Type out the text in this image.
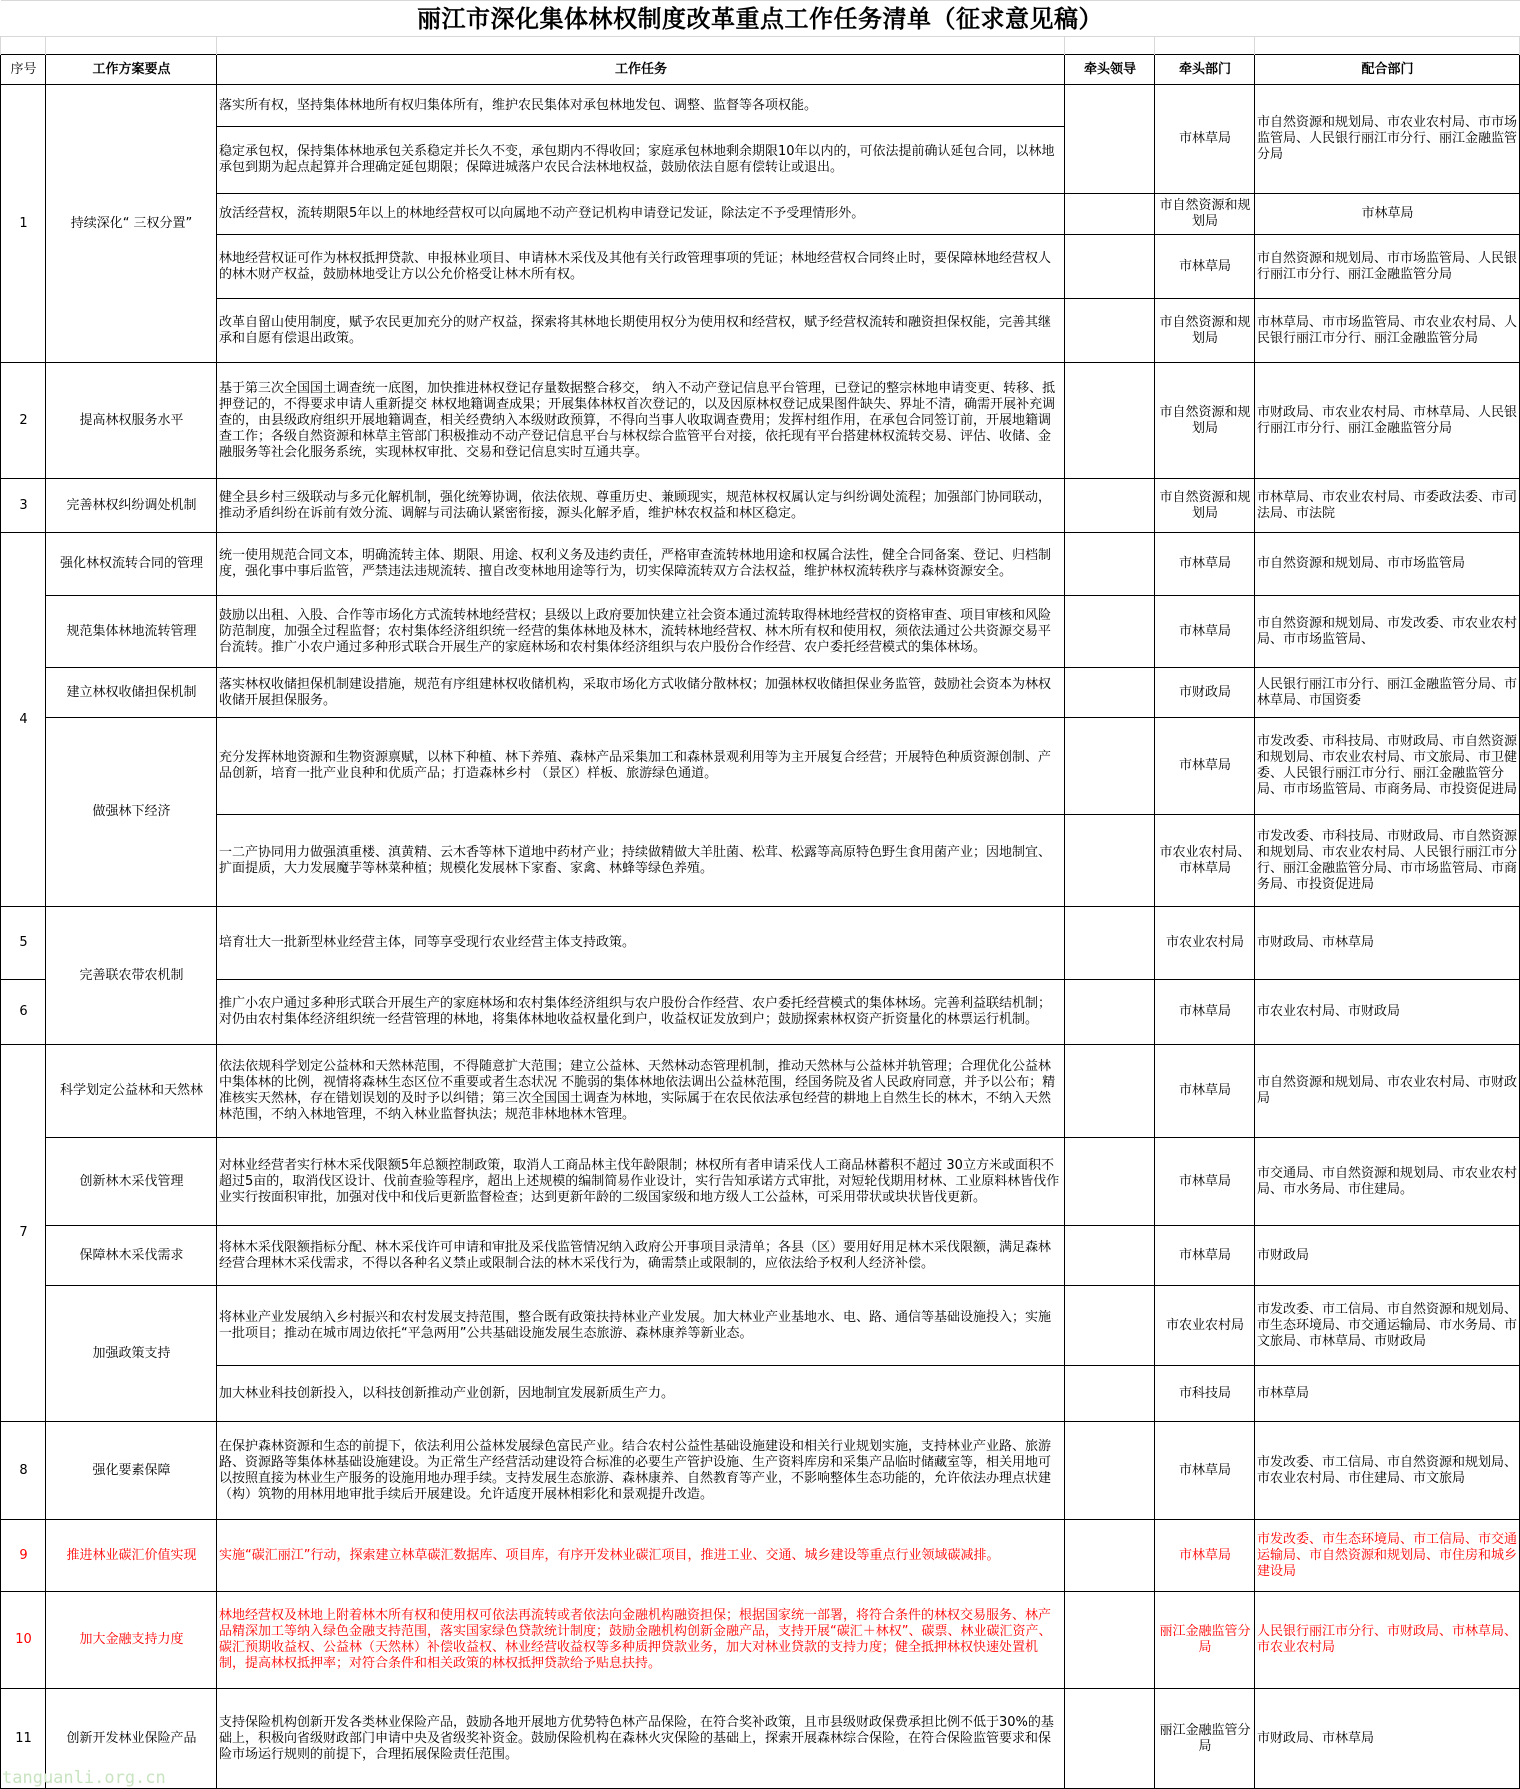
丽江市深化集体林权制度改革重点工作任务清单（征求意见稿）					

序号	工作方案要点	工作任务	牵头领导	牵头部门	配合部门
1	持续深化“ 三权分置”	落实所有权，坚持集体林地所有权归集体所有，维护农民集体对承包林地发包、调整、监督等各项权能。		市林草局	市自然资源和规划局、市农业农村局、市市场监管局、人民银行丽江市分行、丽江金融监管分局
		稳定承包权，保持集体林地承包关系稳定并长久不变，承包期内不得收回；家庭承包林地剩余期限10年以内的，可依法提前确认延包合同，以林地承包到期为起点起算并合理确定延包期限；保障进城落户农民合法林地权益，鼓励依法自愿有偿转让或退出。			
		放活经营权，流转期限5年以上的林地经营权可以向属地不动产登记机构申请登记发证，除法定不予受理情形外。		市自然资源和规划局	市林草局
		林地经营权证可作为林权抵押贷款、申报林业项目、申请林木采伐及其他有关行政管理事项的凭证；林地经营权合同终止时，要保障林地经营权人的林木财产权益，鼓励林地受让方以公允价格受让林木所有权。		市林草局	市自然资源和规划局、市市场监管局、人民银行丽江市分行、丽江金融监管分局
		改革自留山使用制度，赋予农民更加充分的财产权益，探索将其林地长期使用权分为使用权和经营权，赋予经营权流转和融资担保权能，完善其继承和自愿有偿退出政策。		市自然资源和规划局	市林草局、市市场监管局、市农业农村局、人民银行丽江市分行、丽江金融监管分局
2	提高林权服务水平	基于第三次全国国土调查统一底图，加快推进林权登记存量数据整合移交， 纳入不动产登记信息平台管理，已登记的整宗林地申请变更、转移、抵押登记的，不得要求申请人重新提交 林权地籍调查成果；开展集体林权首次登记的，以及因原林权登记成果图件缺失、界址不清，确需开展补充调查的，由县级政府组织开展地籍调查，相关经费纳入本级财政预算，不得向当事人收取调查费用；发挥村组作用，在承包合同签订前，开展地籍调查工作；各级自然资源和林草主管部门积极推动不动产登记信息平台与林权综合监管平台对接，依托现有平台搭建林权流转交易、评估、收储、金融服务等社会化服务系统，实现林权审批、交易和登记信息实时互通共享。		市自然资源和规划局	市财政局、市农业农村局、市林草局、人民银行丽江市分行、丽江金融监管分局
3	完善林权纠纷调处机制	健全县乡村三级联动与多元化解机制，强化统筹协调，依法依规、尊重历史、兼顾现实，规范林权权属认定与纠纷调处流程；加强部门协同联动，推动矛盾纠纷在诉前有效分流、调解与司法确认紧密衔接，源头化解矛盾，维护林农权益和林区稳定。		市自然资源和规划局	市林草局、市农业农村局、市委政法委、市司法局、市法院
4	强化林权流转合同的管理	统一使用规范合同文本，明确流转主体、期限、用途、权利义务及违约责任，严格审查流转林地用途和权属合法性，健全合同备案、登记、归档制度，强化事中事后监管，严禁违法违规流转、擅自改变林地用途等行为，切实保障流转双方合法权益，维护林权流转秩序与森林资源安全。		市林草局	市自然资源和规划局、市市场监管局
	规范集体林地流转管理	鼓励以出租、入股、合作等市场化方式流转林地经营权；县级以上政府要加快建立社会资本通过流转取得林地经营权的资格审查、项目审核和风险防范制度，加强全过程监督；农村集体经济组织统一经营的集体林地及林木，流转林地经营权、林木所有权和使用权，须依法通过公共资源交易平台流转。推广小农户通过多种形式联合开展生产的家庭林场和农村集体经济组织与农户股份合作经营、农户委托经营模式的集体林场。		市林草局	市自然资源和规划局、市发改委、市农业农村局、市市场监管局、
	建立林权收储担保机制	落实林权收储担保机制建设措施，规范有序组建林权收储机构，采取市场化方式收储分散林权；加强林权收储担保业务监管，鼓励社会资本为林权收储开展担保服务。		市财政局	人民银行丽江市分行、丽江金融监管分局、市林草局、市国资委
	做强林下经济	充分发挥林地资源和生物资源禀赋，以林下种植、林下养殖、森林产品采集加工和森林景观利用等为主开展复合经营；开展特色种质资源创制、产品创新，培育一批产业良种和优质产品；打造森林乡村 （景区）样板、旅游绿色通道。		市林草局	市发改委、市科技局、市财政局、市自然资源和规划局、市农业农村局、市文旅局、市卫健委、人民银行丽江市分行、丽江金融监管分局、市市场监管局、市商务局、市投资促进局
		一二产协同用力做强滇重楼、滇黄精、云木香等林下道地中药材产业；持续做精做大羊肚菌、松茸、松露等高原特色野生食用菌产业；因地制宜、扩面提质，大力发展魔芋等林菜种植；规模化发展林下家畜、家禽、林蜂等绿色养殖。		市农业农村局、市林草局	市发改委、市科技局、市财政局、市自然资源和规划局、市农业农村局、人民银行丽江市分行、丽江金融监管分局、市市场监管局、市商务局、市投资促进局
5	完善联农带农机制	培育壮大一批新型林业经营主体，同等享受现行农业经营主体支持政策。		市农业农村局	市财政局、市林草局
6		推广小农户通过多种形式联合开展生产的家庭林场和农村集体经济组织与农户股份合作经营、农户委托经营模式的集体林场。完善利益联结机制；对仍由农村集体经济组织统一经营管理的林地，将集体林地收益权量化到户，收益权证发放到户；鼓励探索林权资产折资量化的林票运行机制。		市林草局	市农业农村局、市财政局
7	科学划定公益林和天然林	依法依规科学划定公益林和天然林范围，不得随意扩大范围；建立公益林、天然林动态管理机制，推动天然林与公益林并轨管理；合理优化公益林中集体林的比例，视情将森林生态区位不重要或者生态状况 不脆弱的集体林地依法调出公益林范围，经国务院及省人民政府同意，并予以公布；精准核实天然林，存在错划误划的及时予以纠错；第三次全国国土调查为林地，实际属于在农民依法承包经营的耕地上自然生长的林木，不纳入天然林范围，不纳入林地管理，不纳入林业监督执法；规范非林地林木管理。		市林草局	市自然资源和规划局、市农业农村局、市财政局
	创新林木采伐管理	对林业经营者实行林木采伐限额5年总额控制政策，取消人工商品林主伐年龄限制；林权所有者申请采伐人工商品林蓄积不超过 30立方米或面积不超过5亩的，取消伐区设计、伐前查验等程序，超出上述规模的编制简易作业设计，实行告知承诺方式审批，对短轮伐期用材林、工业原料林皆伐作业实行按面积审批，加强对伐中和伐后更新监督检查；达到更新年龄的二级国家级和地方级人工公益林，可采用带状或块状皆伐更新。		市林草局	市交通局、市自然资源和规划局、市农业农村局、市水务局、市住建局。
	保障林木采伐需求	将林木采伐限额指标分配、林木采伐许可申请和审批及采伐监管情况纳入政府公开事项目录清单；各县（区）要用好用足林木采伐限额，满足森林经营合理林木采伐需求，不得以各种名义禁止或限制合法的林木采伐行为，确需禁止或限制的，应依法给予权利人经济补偿。		市林草局	市财政局
	加强政策支持	将林业产业发展纳入乡村振兴和农村发展支持范围，整合既有政策扶持林业产业发展。加大林业产业基地水、电、路、通信等基础设施投入；实施一批项目；推动在城市周边依托“平急两用”公共基础设施发展生态旅游、森林康养等新业态。		市农业农村局	市发改委、市工信局、市自然资源和规划局、市生态环境局、市交通运输局、市水务局、市文旅局、市林草局、市财政局
		加大林业科技创新投入，以科技创新推动产业创新，因地制宜发展新质生产力。		市科技局	市林草局
8	强化要素保障	在保护森林资源和生态的前提下，依法利用公益林发展绿色富民产业。结合农村公益性基础设施建设和相关行业规划实施，支持林业产业路、旅游路、资源路等集体林基础设施建设。为正常生产经营活动建设符合标准的必要生产管护设施、生产资料库房和采集产品临时储藏室等，相关用地可以按照直接为林业生产服务的设施用地办理手续。支持发展生态旅游、森林康养、自然教育等产业，不影响整体生态功能的，允许依法办理点状建（构）筑物的用林用地审批手续后开展建设。允许适度开展林相彩化和景观提升改造。		市林草局	市发改委、市工信局、市自然资源和规划局、市农业农村局、市住建局、市文旅局
9	推进林业碳汇价值实现	实施“碳汇丽江”行动，探索建立林草碳汇数据库、项目库，有序开发林业碳汇项目，推进工业、交通、城乡建设等重点行业领域碳减排。		市林草局	市发改委、市生态环境局、市工信局、市交通运输局、市自然资源和规划局、市住房和城乡建设局
10	加大金融支持力度	林地经营权及林地上附着林木所有权和使用权可依法再流转或者依法向金融机构融资担保；根据国家统一部署，将符合条件的林权交易服务、林产品精深加工等纳入绿色金融支持范围，落实国家绿色贷款统计制度；鼓励金融机构创新金融产品，支持开展“碳汇＋林权”、碳票、林业碳汇资产、 碳汇预期收益权、公益林（天然林）补偿收益权、林业经营收益权等多种质押贷款业务，加大对林业贷款的支持力度；健全抵押林权快速处置机制，提高林权抵押率；对符合条件和相关政策的林权抵押贷款给予贴息扶持。		丽江金融监管分局	人民银行丽江市分行、市财政局、市林草局、市农业农村局
11	创新开发林业保险产品	支持保险机构创新开发各类林业保险产品，鼓励各地开展地方优势特色林产品保险，在符合奖补政策，且市县级财政保费承担比例不低于30%的基础上，积极向省级财政部门申请中央及省级奖补资金。鼓励保险机构在森林火灾保险的基础上，探索开展森林综合保险，在符合保险监管要求和保险市场运行规则的前提下，合理拓展保险责任范围。		丽江金融监管分局	市财政局、市林草局
tanguanli.org.cn
